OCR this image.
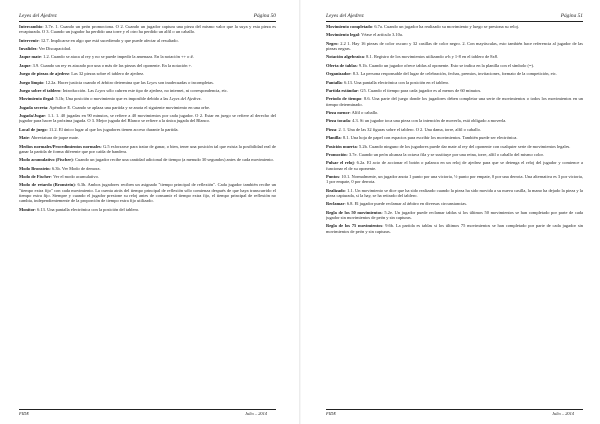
Leyes del Ajedrez	Página 50

Intercambio: 3.7e. 1. Cuando un peón promociona. O 2. Cuando un jugador captura una pieza del mismo valor que la suya y esta pieza es recapturada. O 3. Cuando un jugador ha perdido una torre y el otro ha perdido un alfil o un caballo.

Intervenir: 12.7. Implicarse en algo que está sucediendo y que puede afectar al resultado.

Invalidez: Ver Discapacidad.

Jaque mate: 1.2. Cuando se ataca al rey y no se puede impedir la amenaza. En la notación ++ o #.

Jaque: 3.9. Cuando un rey es atacado por una o más de las piezas del oponente. En la notación +.

Juego de piezas de ajedrez: Las 32 piezas sobre el tablero de ajedrez.

Juego limpio: 12.2a. Hacer justicia cuando el árbitro determina que las Leyes son inadecuadas o incompletas.

Juego sobre el tablero: Introducción. Las Leyes sólo cubren este tipo de ajedrez, no internet, ni correspondencia, etc.

Movimiento ilegal: 5.1b; Una posición o movimiento que es imposible debido a las Leyes del Ajedrez.

Jugada secreta: Apéndice E. Cuando se aplaza una partida y se anota el siguiente movimiento en una orbe.

Jugada/Jugar: 1.1. 1. 40 jugadas en 90 minutos, se refiere a 40 movimientos por cada jugador. O 2. Estar en juego se refiere al derecho del jugador para hacer la próxima jugada. O 3. Mejor jugada del Blanco se refiere a la única jugada del Blanco.

Local de juego: 11.2. El único lugar al que los jugadores tienen acceso durante la partida.

Mate: Abreviatura de jaque mate.

Medios normales/Procedimientos normales: G.5 esforzarse para tratar de ganar, o bien, tener una posición tal que exista la posibilidad real de ganar la partida de forma diferente que por caída de bandera.

Modo acumulativo (Fischer): Cuando un jugador recibe una cantidad adicional de tiempo (a menudo 30 segundos) antes de cada movimiento.

Modo Bronstein: 6.3b. Ver Modo de demora.

Modo de Fischer: Ver el modo acumulativo.

Modo de retardo (Bronstein): 6.3b. Ambos jugadores reciben un asignado "tiempo principal de reflexión". Cada jugador también recibe un "tiempo extra fijo" con cada movimiento. La cuenta atrás del tiempo principal de reflexión sólo comienza después de que haya transcurrido el tiempo extra fijo. Siempre y cuando el jugador presione su reloj antes de consumir el tiempo extra fijo, el tiempo principal de reflexión no cambia, independientemente de la proporción de tiempo extra fijo utilizado.

Monitor: 6.13. Una pantalla electrónica con la posición del tablero.

FIDE	Julio – 2014
Leyes del Ajedrez	Página 51

Movimiento completado: 6.7a. Cuando un jugador ha realizado su movimiento y luego se presiona su reloj.

Movimiento legal: Véase el artículo 3.10a.

Negro: 2.2 1. Hay 16 piezas de color oscuro y 32 casillas de color negro. 2. Con mayúsculas, esto también hace referencia al jugador de las piezas negras.

Notación algebraica: 8.1. Registro de los movimientos utilizando a-h y 1-8 en el tablero de 8x8.

Oferta de tablas: 9.1b. Cuando un jugador ofrece tablas al oponente. Esto se indica en la planilla con el símbolo (=).

Organizador: 8.3. La persona responsable del lugar de celebración, fechas, premios, invitaciones, formato de la competición, etc.

Pantalla: 6.13. Una pantalla electrónica con la posición en el tablero.

Partida estándar: G5. Cuando el tiempo para cada jugador es al menos de 60 minutos.

Periodo de tiempo: 8.6. Una parte del juego donde los jugadores deben completar una serie de movimientos o todos los movimientos en un tiempo determinado.

Pieza menor: Alfil o caballo.

Pieza tocada: 4.3. Si un jugador toca una pieza con la intención de moverla, está obligado a moverla.

Pieza: 2. 1. Una de las 32 figuras sobre el tablero. O 2. Una dama, torre, alfil o caballo.

Planilla: 8.1. Una hoja de papel con espacios para escribir los movimientos. También puede ser electrónica.

Posición muerta: 5.2b. Cuando ninguno de los jugadores puede dar mate al rey del oponente con cualquier serie de movimientos legales.

Promoción: 3.7e. Cuando un peón alcanza la octava fila y se sustituye por una reina, torre, alfil o caballo del mismo color.

Pulsar el reloj: 6.2a. El acto de accionar el botón o palanca en un reloj de ajedrez para que se detenga el reloj del jugador y comience a funcionar el de su oponente.

Puntos: 10.1. Normalmente, un jugador anota 1 punto por una victoria, ½ punto por empate, 0 por una derrota. Una alternativa es 3 por victoria, 1 por empate, 0 por derrota.

Realizado: 1.1. Un movimiento se dice que ha sido realizado cuando la pieza ha sido movida a su nueva casilla, la mano ha dejado la pieza y la pieza capturada, si la hay, se ha retirado del tablero.

Reclamar: 6.8. El jugador puede reclamar al árbitro en diversas circunstancias.

Regla de los 50 movimientos: 5.2e. Un jugador puede reclamar tablas si los últimos 50 movimientos se han completado por parte de cada jugador sin movimientos de peón y sin capturas.

Regla de los 75 movimientos: 9.6b. La partida es tablas si los últimos 75 movimientos se han completado por parte de cada jugador sin movimientos de peón y sin capturas.

FIDE	Julio – 2014
